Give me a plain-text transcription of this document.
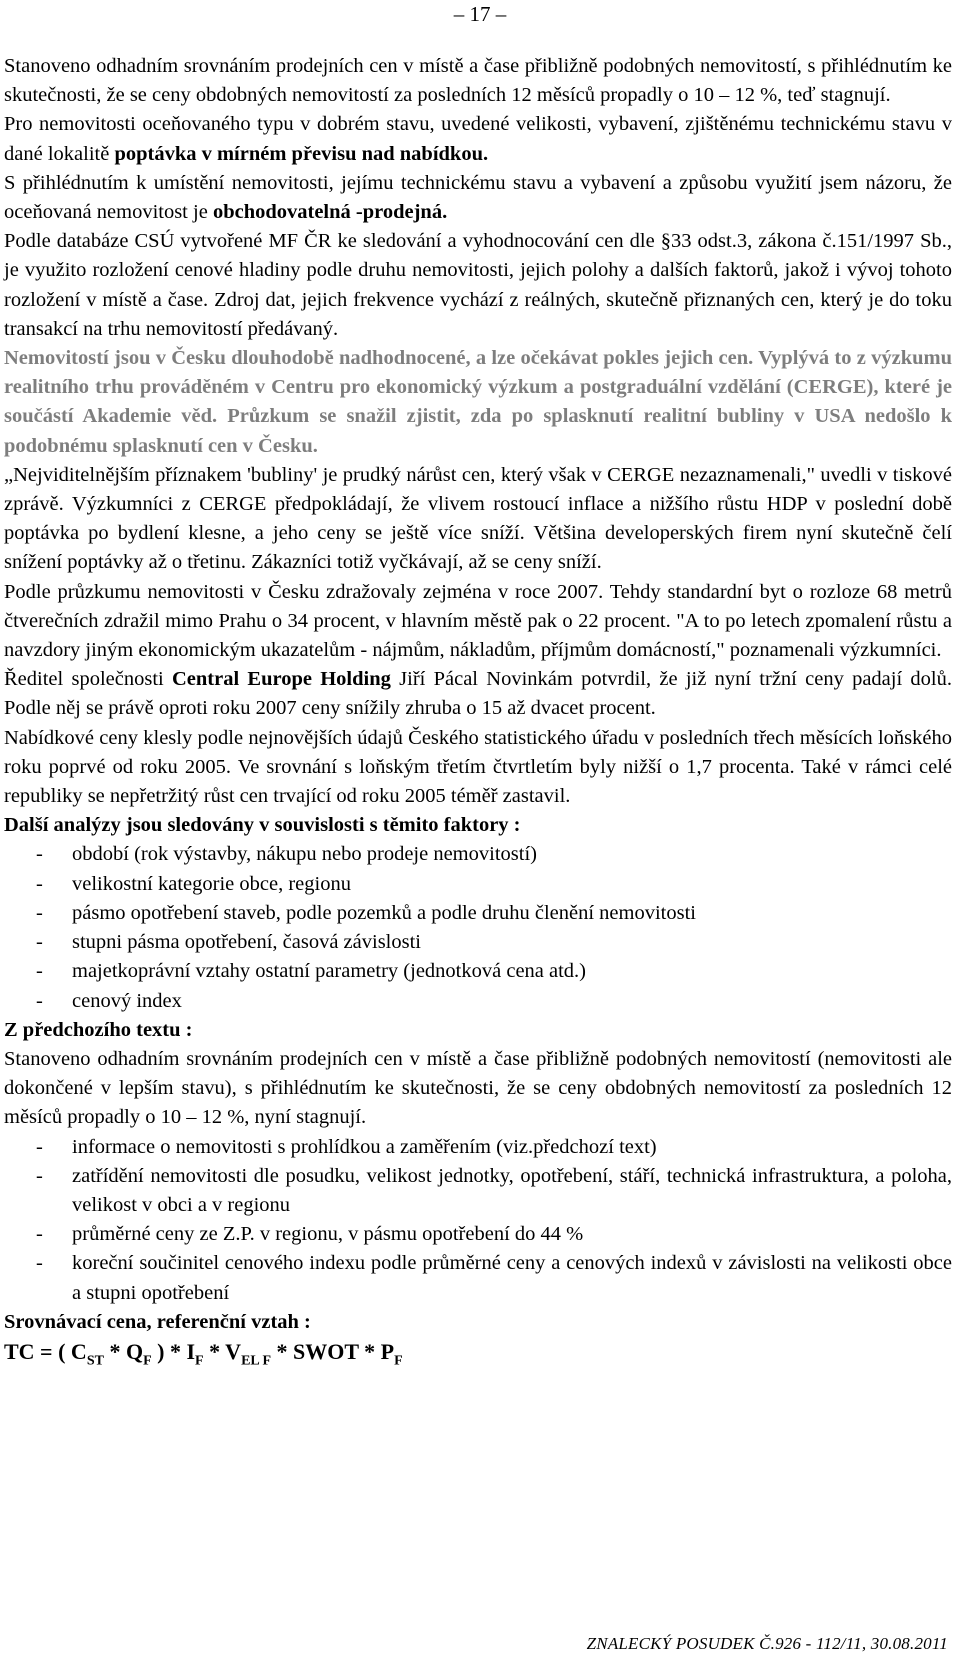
– 17 –

Stanoveno odhadním srovnáním prodejních cen v místě a čase přibližně podobných nemovitostí, s přihlédnutím ke skutečnosti, že se ceny obdobných nemovitostí za posledních 12 měsíců propadly o 10 – 12 %, teď stagnují.

Pro nemovitosti oceňovaného typu v dobrém stavu, uvedené velikosti, vybavení, zjištěnému technickému stavu v dané lokalitě poptávka v mírném převisu nad nabídkou.

S přihlédnutím k umístění nemovitosti, jejímu technickému stavu a vybavení a způsobu využití jsem názoru, že oceňovaná nemovitost je obchodovatelná -prodejná.

Podle databáze CSÚ vytvořené MF ČR ke sledování a vyhodnocování cen dle §33 odst.3, zákona č.151/1997 Sb., je využito rozložení cenové hladiny podle druhu nemovitosti, jejich polohy a dalších faktorů, jakož i vývoj tohoto rozložení v místě a čase. Zdroj dat, jejich frekvence vychází z reálných, skutečně přiznaných cen, který je do toku transakcí na trhu nemovitostí předávaný.

Nemovitostí jsou v Česku dlouhodobě nadhodnocené, a lze očekávat pokles jejich cen. Vyplývá to z výzkumu realitního trhu prováděném v Centru pro ekonomický výzkum a postgraduální vzdělání (CERGE), které je součástí Akademie věd. Průzkum se snažil zjistit, zda po splasknutí realitní bubliny v USA nedošlo k podobnému splasknutí cen v Česku.

„Nejviditelnějším příznakem 'bubliny' je prudký nárůst cen, který však v CERGE nezaznamenali," uvedli v tiskové zprávě. Výzkumníci z CERGE předpokládají, že vlivem rostoucí inflace a nižšího růstu HDP v poslední době poptávka po bydlení klesne, a jeho ceny se ještě více sníží. Většina developerských firem nyní skutečně čelí snížení poptávky až o třetinu. Zákazníci totiž vyčkávají, až se ceny sníží.

Podle průzkumu nemovitosti v Česku zdražovaly zejména v roce 2007. Tehdy standardní byt o rozloze 68 metrů čtverečních zdražil mimo Prahu o 34 procent, v hlavním městě pak o 22 procent. "A to po letech zpomalení růstu a navzdory jiným ekonomickým ukazatelům - nájmům, nákladům, příjmům domácností," poznamenali výzkumníci.

Ředitel společnosti Central Europe Holding Jiří Pácal Novinkám potvrdil, že již nyní tržní ceny padají dolů. Podle něj se právě oproti roku 2007 ceny snížily zhruba o 15 až dvacet procent.

Nabídkové ceny klesly podle nejnovějších údajů Českého statistického úřadu v posledních třech měsících loňského roku poprvé od roku 2005. Ve srovnání s loňským třetím čtvrtletím byly nižší o 1,7 procenta. Také v rámci celé republiky se nepřetržitý růst cen trvající od roku 2005 téměř zastavil.

Další analýzy jsou sledovány v souvislosti s těmito faktory :

- období (rok výstavby, nákupu nebo prodeje nemovitostí)
- velikostní kategorie obce, regionu
- pásmo opotřebení staveb, podle pozemků a podle druhu členění nemovitosti
- stupni pásma opotřebení, časová závislosti
- majetkoprávní vztahy ostatní parametry (jednotková cena atd.)
- cenový index

Z předchozího textu :

Stanoveno odhadním srovnáním prodejních cen v místě a čase přibližně podobných nemovitostí (nemovitosti ale dokončené v lepším stavu), s přihlédnutím ke skutečnosti, že se ceny obdobných nemovitostí za posledních 12 měsíců propadly o 10 – 12 %, nyní stagnují.

- informace o nemovitosti s prohlídkou a zaměřením (viz.předchozí text)
- zatřídění nemovitosti dle posudku, velikost jednotky, opotřebení, stáří, technická infrastruktura, a poloha, velikost v obci a v regionu
- průměrné ceny ze Z.P. v regionu, v pásmu opotřebení do 44 %
- koreční součinitel cenového indexu podle průměrné ceny a cenových indexů v závislosti na velikosti obce a stupni opotřebení

Srovnávací cena, referenční vztah :

TC = ( $C_{ST} * Q_F$ ) * $I_F * V_{EL F}$ * SWOT * $P_F$

ZNALECKÝ POSUDEK Č.926 - 112/11, 30.08.2011
